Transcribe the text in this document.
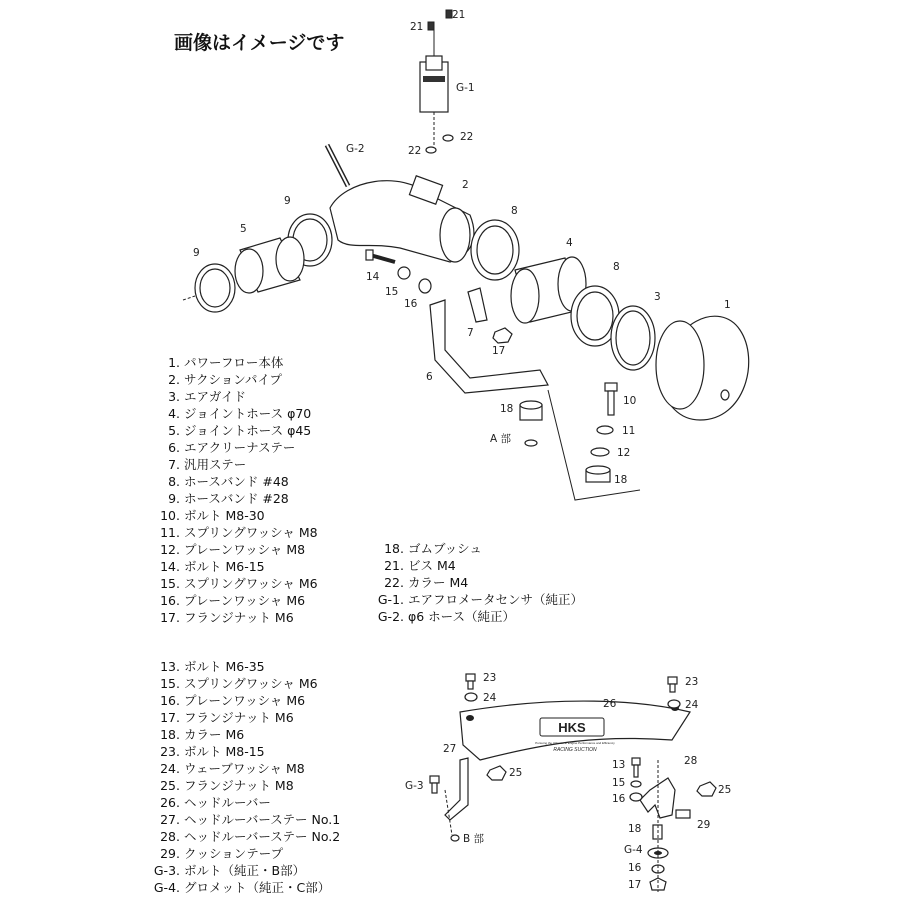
画像はイメージです
HKS
Pursuing the Ultimate in Engine Performance and Efficiency
RACING SUCTION
21
21
G-1
22
22
G-2
2
9
5
9
8
4
8
3
1
14
15
16
7
17
6
18
A 部
10
11
12
18
23
24
23
24
26
27
25
G-3
B 部
28
13
15
16
25
29
18
G-4
16
17
1. パワーフロー本体
2. サクションパイプ
3. エアガイド
4. ジョイントホース φ70
5. ジョイントホース φ45
6. エアクリーナステー
7. 汎用ステー
8. ホースバンド #48
9. ホースバンド #28
10. ボルト M8-30
11. スプリングワッシャ M8
12. プレーンワッシャ M8
14. ボルト M6-15
15. スプリングワッシャ M6
16. プレーンワッシャ M6
17. フランジナット M6
18. ゴムブッシュ
21. ビス M4
22. カラー M4
G-1. エアフロメータセンサ（純正）
G-2. φ6 ホース（純正）
13. ボルト M6-35
15. スプリングワッシャ M6
16. プレーンワッシャ M6
17. フランジナット M6
18. カラー M6
23. ボルト M8-15
24. ウェーブワッシャ M8
25. フランジナット M8
26. ヘッドルーバー
27. ヘッドルーバーステー No.1
28. ヘッドルーバーステー No.2
29. クッションテープ
G-3. ボルト（純正・B部）
G-4. グロメット（純正・C部）
